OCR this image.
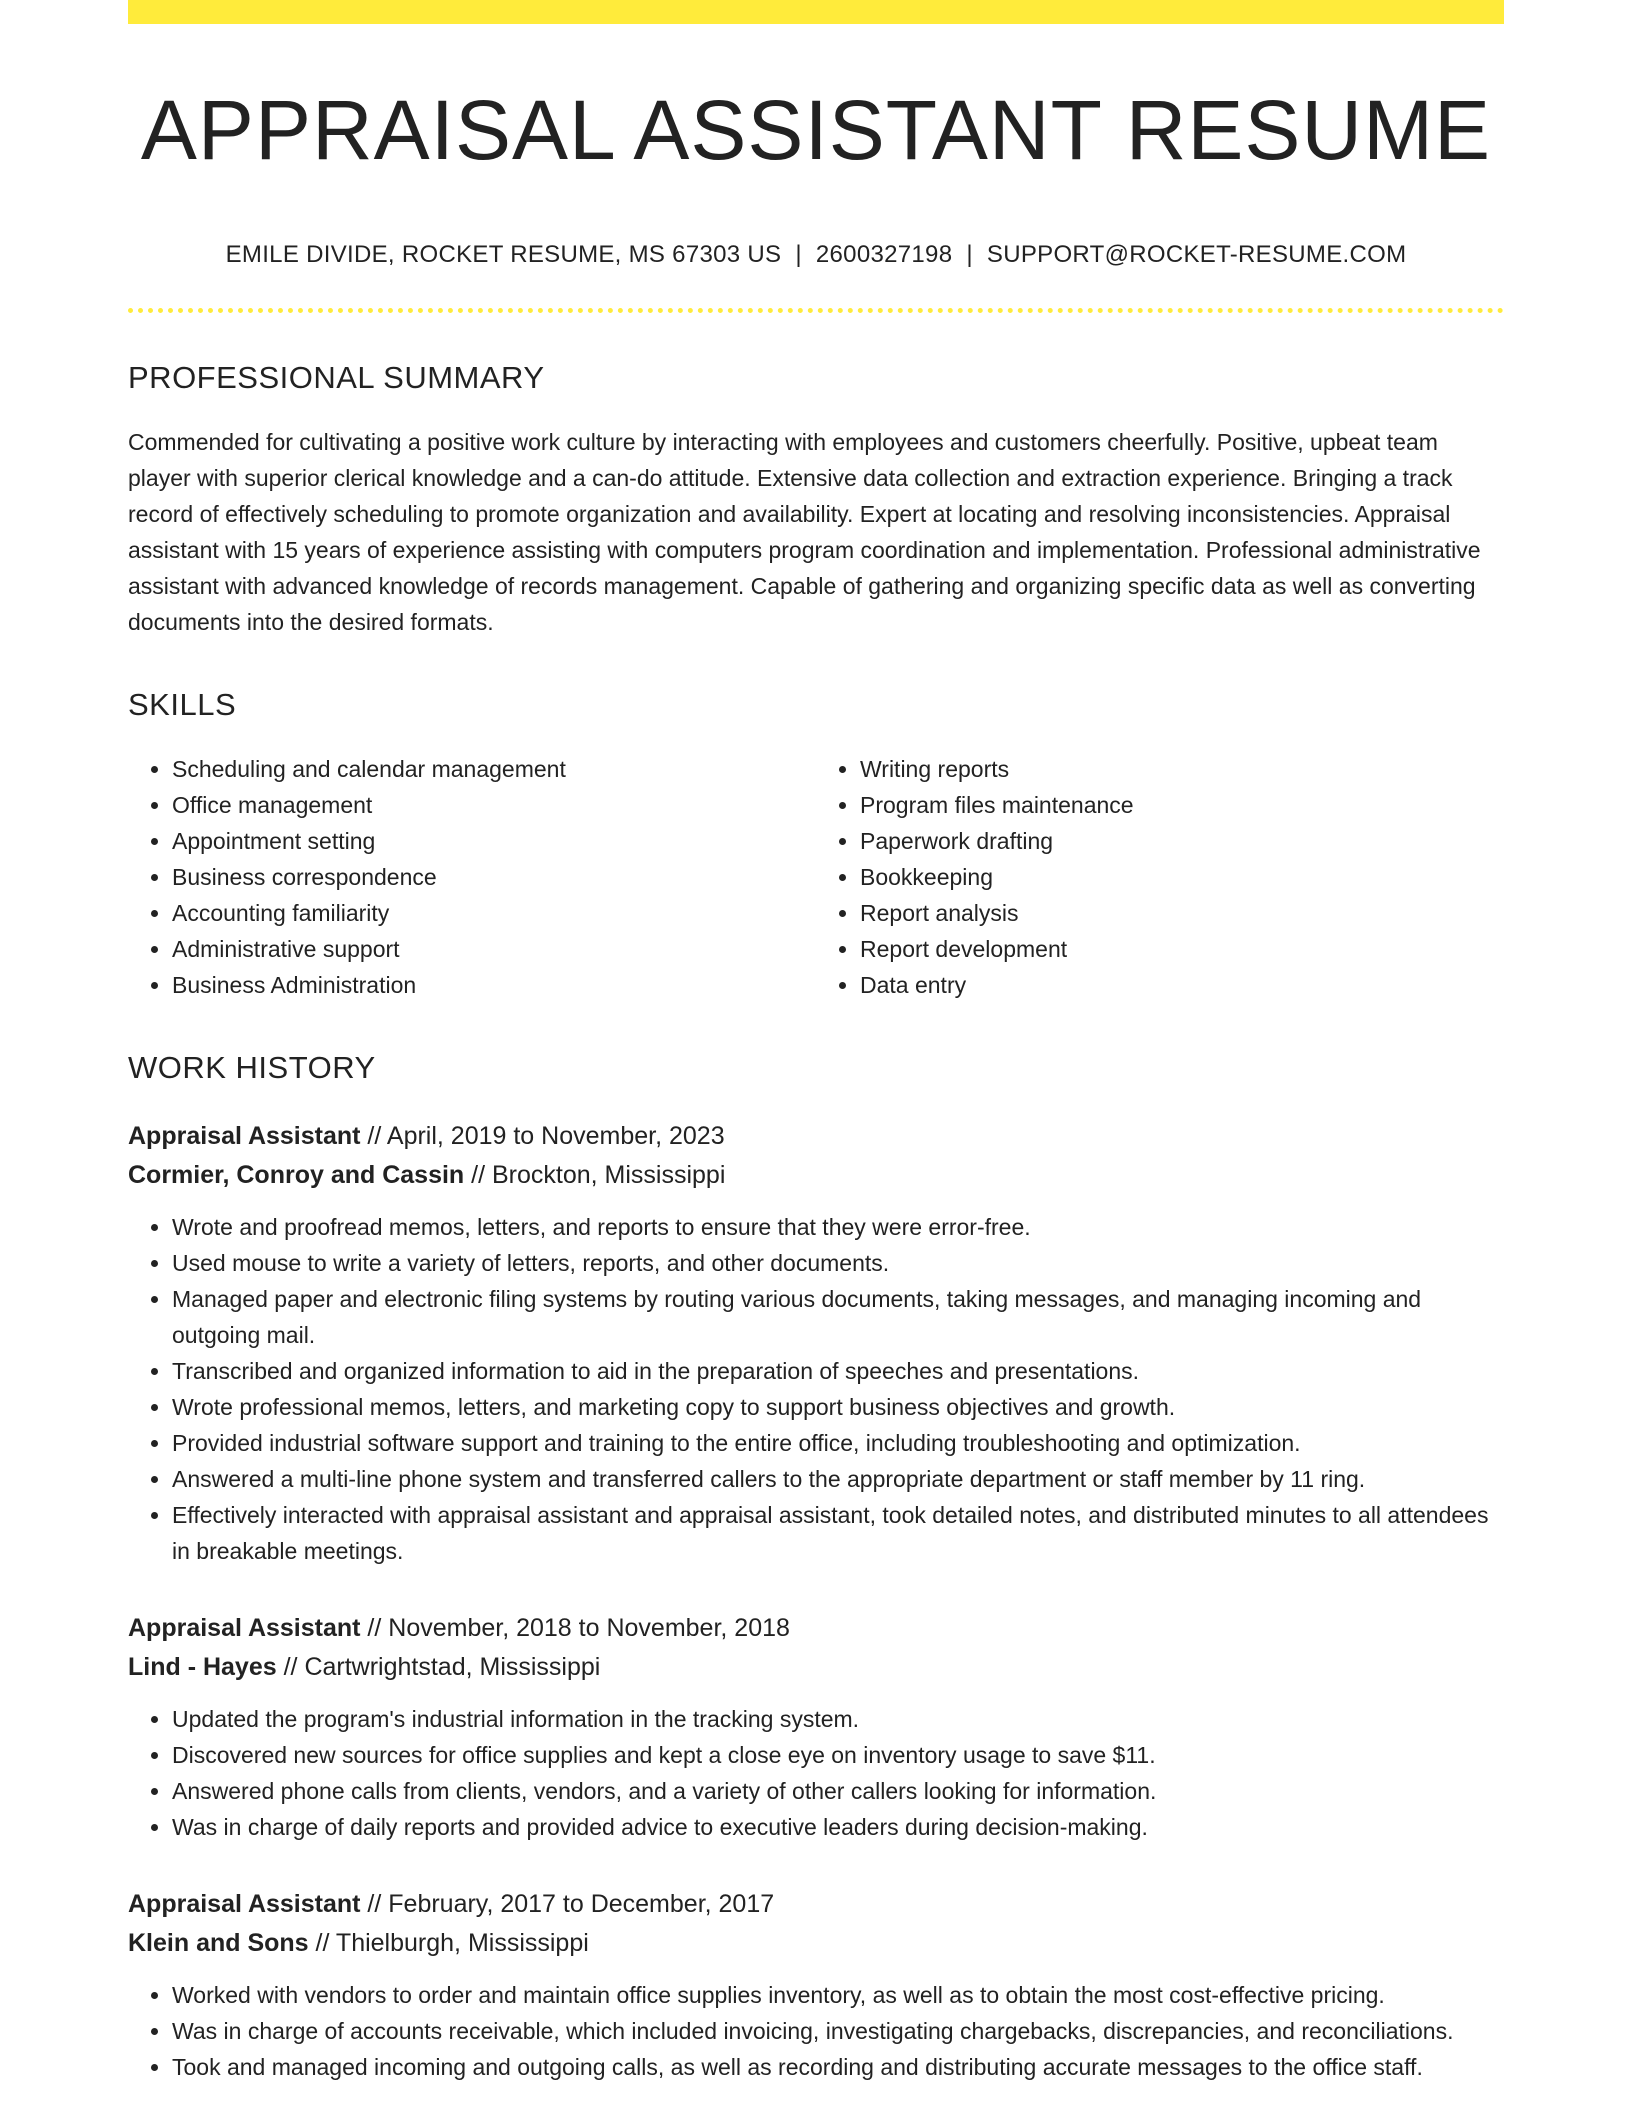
APPRAISAL ASSISTANT RESUME
EMILE DIVIDE, ROCKET RESUME, MS 67303 US | 2600327198 | SUPPORT@ROCKET-RESUME.COM
PROFESSIONAL SUMMARY

Commended for cultivating a positive work culture by interacting with employees and customers cheerfully. Positive, upbeat team player with superior clerical knowledge and a can-do attitude. Extensive data collection and extraction experience. Bringing a track record of effectively scheduling to promote organization and availability. Expert at locating and resolving inconsistencies. Appraisal assistant with 15 years of experience assisting with computers program coordination and implementation. Professional administrative assistant with advanced knowledge of records management. Capable of gathering and organizing specific data as well as converting documents into the desired formats.

SKILLS
• Scheduling and calendar management
• Office management
• Appointment setting
• Business correspondence
• Accounting familiarity
• Administrative support
• Business Administration
• Writing reports
• Program files maintenance
• Paperwork drafting
• Bookkeeping
• Report analysis
• Report development
• Data entry
WORK HISTORY
Appraisal Assistant // April, 2019 to November, 2023
Cormier, Conroy and Cassin // Brockton, Mississippi
• Wrote and proofread memos, letters, and reports to ensure that they were error-free.
• Used mouse to write a variety of letters, reports, and other documents.
• Managed paper and electronic filing systems by routing various documents, taking messages, and managing incoming and outgoing mail.
• Transcribed and organized information to aid in the preparation of speeches and presentations.
• Wrote professional memos, letters, and marketing copy to support business objectives and growth.
• Provided industrial software support and training to the entire office, including troubleshooting and optimization.
• Answered a multi-line phone system and transferred callers to the appropriate department or staff member by 11 ring.
• Effectively interacted with appraisal assistant and appraisal assistant, took detailed notes, and distributed minutes to all attendees in breakable meetings.
Appraisal Assistant // November, 2018 to November, 2018
Lind - Hayes // Cartwrightstad, Mississippi
• Updated the program's industrial information in the tracking system.
• Discovered new sources for office supplies and kept a close eye on inventory usage to save $11.
• Answered phone calls from clients, vendors, and a variety of other callers looking for information.
• Was in charge of daily reports and provided advice to executive leaders during decision-making.
Appraisal Assistant // February, 2017 to December, 2017
Klein and Sons // Thielburgh, Mississippi
• Worked with vendors to order and maintain office supplies inventory, as well as to obtain the most cost-effective pricing.
• Was in charge of accounts receivable, which included invoicing, investigating chargebacks, discrepancies, and reconciliations.
• Took and managed incoming and outgoing calls, as well as recording and distributing accurate messages to the office staff.
